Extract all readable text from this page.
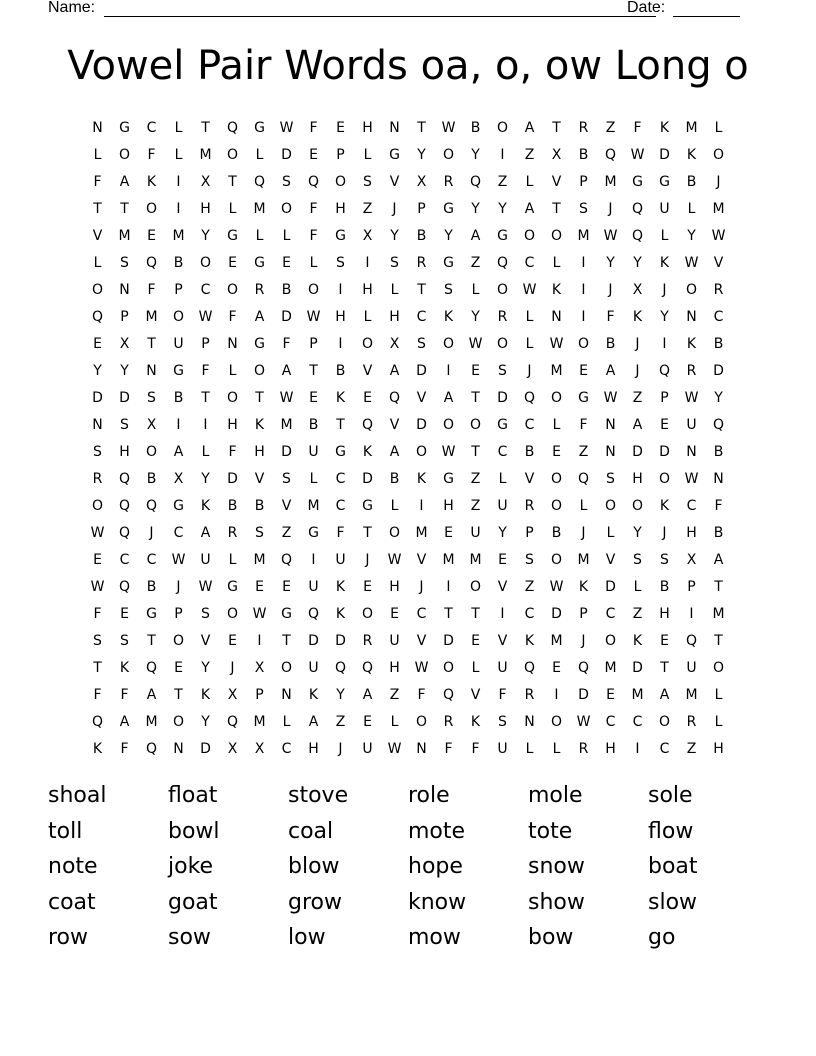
Name:	Date:
Vowel Pair Words oa, o, ow Long o
N	G	C	L	T	Q	G	W	F	E	H	N	T	W	B	O	A	T	R	Z	F	K	M	L
L	O	F	L	M	O	L	D	E	P	L	G	Y	O	Y	I	Z	X	B	Q	W	D	K	O
F	A	K	I	X	T	Q	S	Q	O	S	V	X	R	Q	Z	L	V	P	M	G	G	B	J
T	T	O	I	H	L	M	O	F	H	Z	J	P	G	Y	Y	A	T	S	J	Q	U	L	M
V	M	E	M	Y	G	L	L	F	G	X	Y	B	Y	A	G	O	O	M	W	Q	L	Y	W
L	S	Q	B	O	E	G	E	L	S	I	S	R	G	Z	Q	C	L	I	Y	Y	K	W	V
O	N	F	P	C	O	R	B	O	I	H	L	T	S	L	O	W	K	I	J	X	J	O	R
Q	P	M	O	W	F	A	D	W	H	L	H	C	K	Y	R	L	N	I	F	K	Y	N	C
E	X	T	U	P	N	G	F	P	I	O	X	S	O	W	O	L	W	O	B	J	I	K	B
Y	Y	N	G	F	L	O	A	T	B	V	A	D	I	E	S	J	M	E	A	J	Q	R	D
D	D	S	B	T	O	T	W	E	K	E	Q	V	A	T	D	Q	O	G	W	Z	P	W	Y
N	S	X	I	I	H	K	M	B	T	Q	V	D	O	O	G	C	L	F	N	A	E	U	Q
S	H	O	A	L	F	H	D	U	G	K	A	O	W	T	C	B	E	Z	N	D	D	N	B
R	Q	B	X	Y	D	V	S	L	C	D	B	K	G	Z	L	V	O	Q	S	H	O	W	N
O	Q	Q	G	K	B	B	V	M	C	G	L	I	H	Z	U	R	O	L	O	O	K	C	F
W	Q	J	C	A	R	S	Z	G	F	T	O	M	E	U	Y	P	B	J	L	Y	J	H	B
E	C	C	W	U	L	M	Q	I	U	J	W	V	M	M	E	S	O	M	V	S	S	X	A
W	Q	B	J	W	G	E	E	U	K	E	H	J	I	O	V	Z	W	K	D	L	B	P	T
F	E	G	P	S	O	W	G	Q	K	O	E	C	T	T	I	C	D	P	C	Z	H	I	M
S	S	T	O	V	E	I	T	D	D	R	U	V	D	E	V	K	M	J	O	K	E	Q	T
T	K	Q	E	Y	J	X	O	U	Q	Q	H	W	O	L	U	Q	E	Q	M	D	T	U	O
F	F	A	T	K	X	P	N	K	Y	A	Z	F	Q	V	F	R	I	D	E	M	A	M	L
Q	A	M	O	Y	Q	M	L	A	Z	E	L	O	R	K	S	N	O	W	C	C	O	R	L
K	F	Q	N	D	X	X	C	H	J	U	W	N	F	F	U	L	L	R	H	I	C	Z	H
shoal	float	stove	role	mole	sole
toll	bowl	coal	mote	tote	flow
note	joke	blow	hope	snow	boat
coat	goat	grow	know	show	slow
row	sow	low	mow	bow	go
